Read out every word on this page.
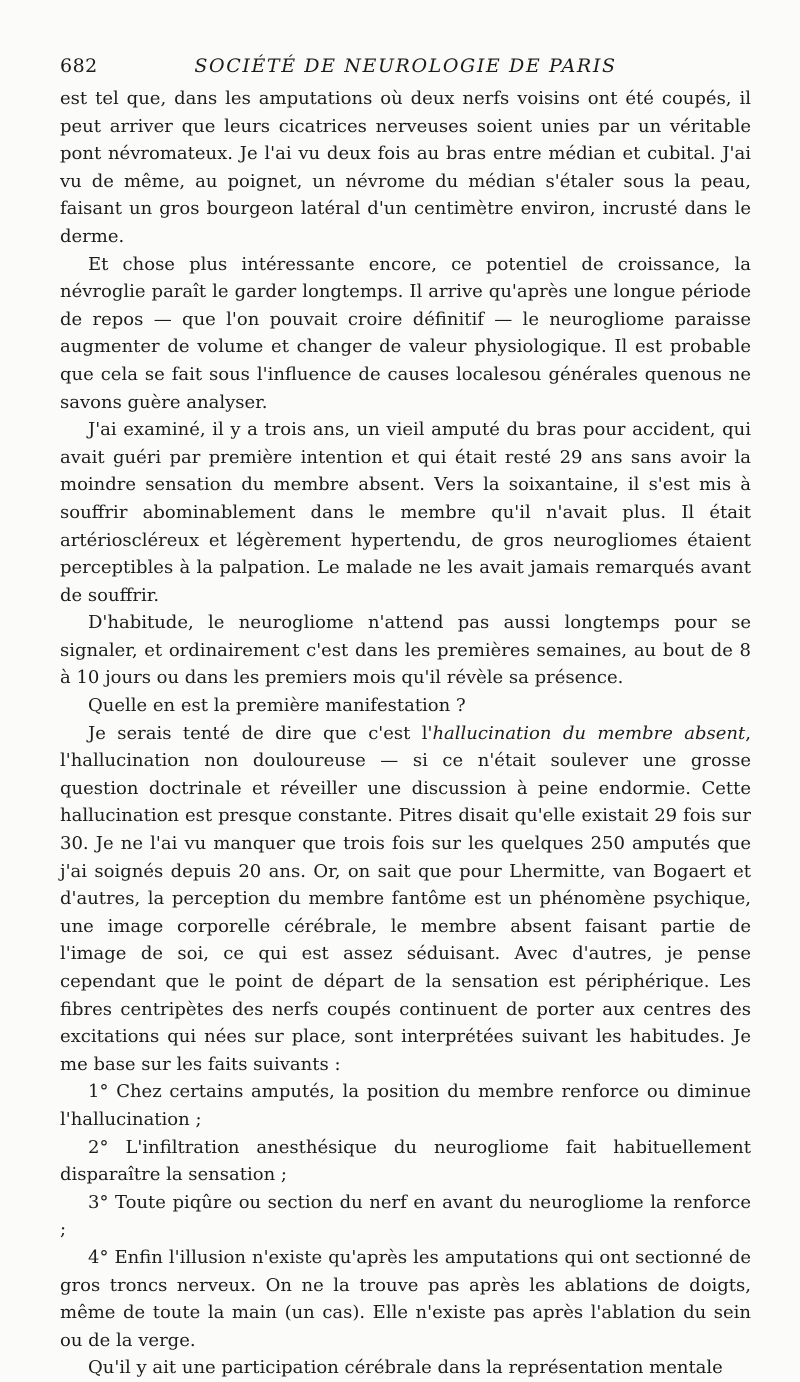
682	SOCIÉTÉ DE NEUROLOGIE DE PARIS

est tel que, dans les amputations où deux nerfs voisins ont été coupés, il peut arriver que leurs cicatrices nerveuses soient unies par un véritable pont névromateux. Je l'ai vu deux fois au bras entre médian et cubital. J'ai vu de même, au poignet, un névrome du médian s'étaler sous la peau, faisant un gros bourgeon latéral d'un centimètre environ, incrusté dans le derme.

Et chose plus intéressante encore, ce potentiel de croissance, la névroglie paraît le garder longtemps. Il arrive qu'après une longue période de repos — que l'on pouvait croire définitif — le neurogliome paraisse augmenter de volume et changer de valeur physiologique. Il est probable que cela se fait sous l'influence de causes localesou générales quenous ne savons guère analyser.

J'ai examiné, il y a trois ans, un vieil amputé du bras pour accident, qui avait guéri par première intention et qui était resté 29 ans sans avoir la moindre sensation du membre absent. Vers la soixantaine, il s'est mis à souffrir abominablement dans le membre qu'il n'avait plus. Il était artérioscléreux et légèrement hypertendu, de gros neurogliomes étaient perceptibles à la palpation. Le malade ne les avait jamais remarqués avant de souffrir.

D'habitude, le neurogliome n'attend pas aussi longtemps pour se signaler, et ordinairement c'est dans les premières semaines, au bout de 8 à 10 jours ou dans les premiers mois qu'il révèle sa présence.

Quelle en est la première manifestation ?

Je serais tenté de dire que c'est l'hallucination du membre absent, l'hallucination non douloureuse — si ce n'était soulever une grosse question doctrinale et réveiller une discussion à peine endormie. Cette hallucination est presque constante. Pitres disait qu'elle existait 29 fois sur 30. Je ne l'ai vu manquer que trois fois sur les quelques 250 amputés que j'ai soignés depuis 20 ans. Or, on sait que pour Lhermitte, van Bogaert et d'autres, la perception du membre fantôme est un phénomène psychique, une image corporelle cérébrale, le membre absent faisant partie de l'image de soi, ce qui est assez séduisant. Avec d'autres, je pense cependant que le point de départ de la sensation est périphérique. Les fibres centripètes des nerfs coupés continuent de porter aux centres des excitations qui nées sur place, sont interprétées suivant les habitudes. Je me base sur les faits suivants :

1° Chez certains amputés, la position du membre renforce ou diminue l'hallucination ;

2° L'infiltration anesthésique du neurogliome fait habituellement disparaître la sensation ;

3° Toute piqûre ou section du nerf en avant du neurogliome la renforce ;

4° Enfin l'illusion n'existe qu'après les amputations qui ont sectionné de gros troncs nerveux. On ne la trouve pas après les ablations de doigts, même de toute la main (un cas). Elle n'existe pas après l'ablation du sein ou de la verge.

Qu'il y ait une participation cérébrale dans la représentation mentale
